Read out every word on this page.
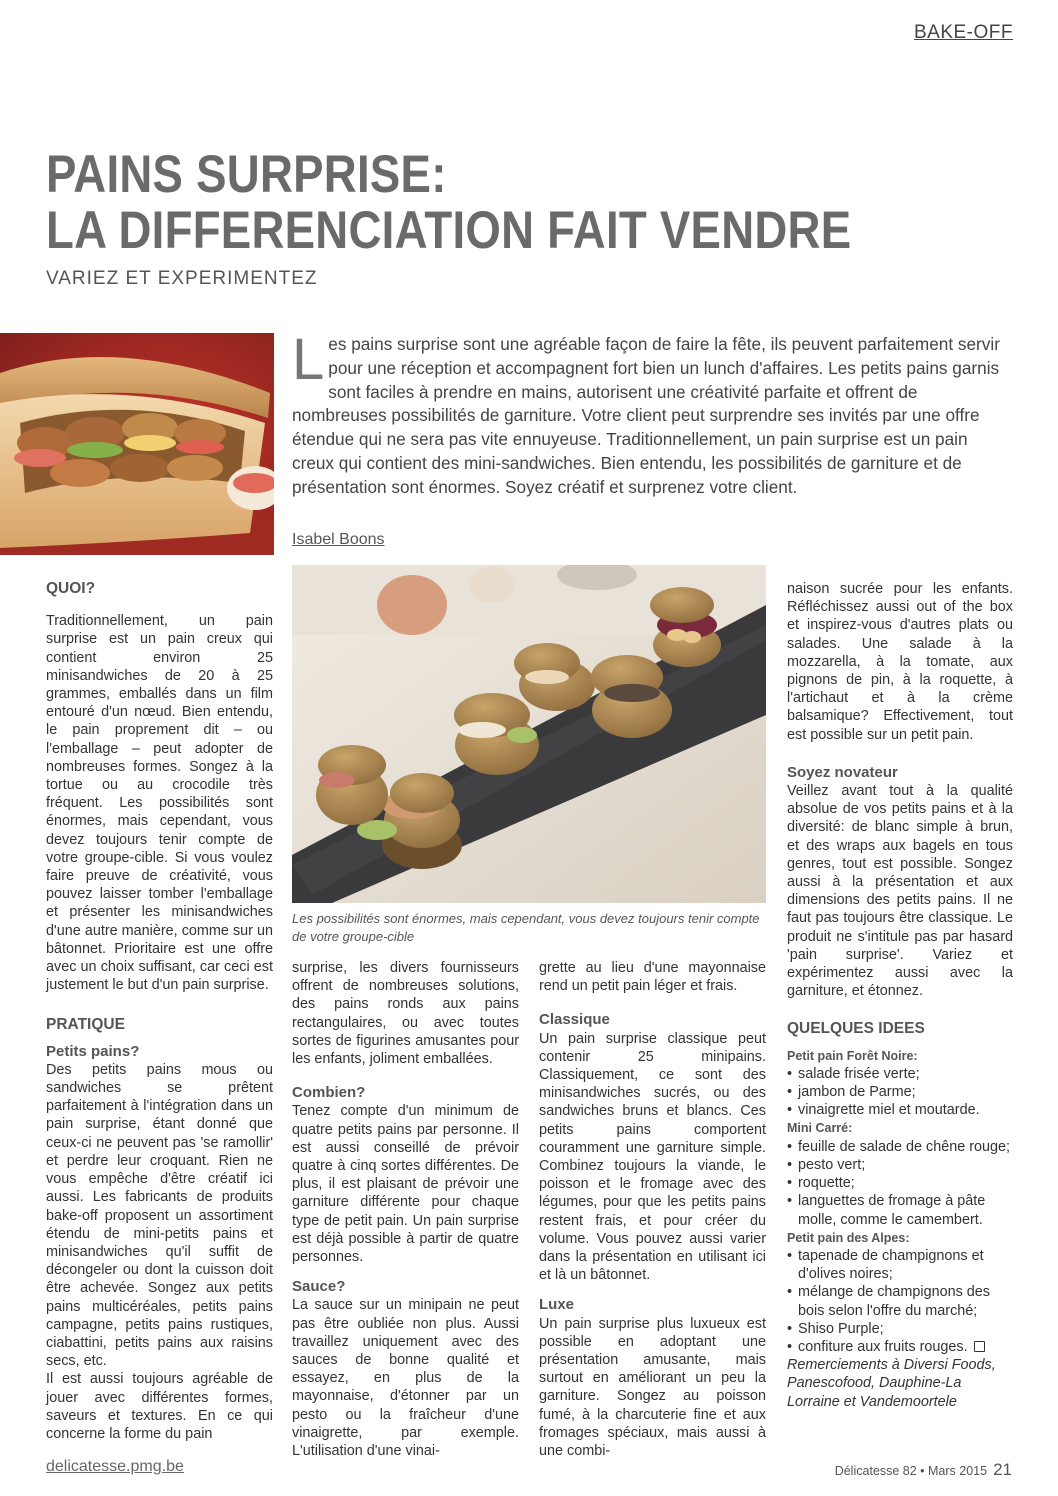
BAKE-OFF
PAINS SURPRISE:
LA DIFFERENCIATION FAIT VENDRE
VARIEZ ET EXPERIMENTEZ
Les pains surprise sont une agréable façon de faire la fête, ils peuvent parfaitement servir pour une réception et accompagnent fort bien un lunch d'affaires. Les petits pains garnis sont faciles à prendre en mains, autorisent une créativité parfaite et offrent de nombreuses possibilités de garniture. Votre client peut surprendre ses invités par une offre étendue qui ne sera pas vite ennuyeuse. Traditionnellement, un pain surprise est un pain creux qui contient des mini-sandwiches. Bien entendu, les possibilités de garniture et de présentation sont énormes. Soyez créatif et surprenez votre client.
Isabel Boons
Les possibilités sont énormes, mais cependant, vous devez toujours tenir compte de votre groupe-cible
QUOI?

Traditionnellement, un pain surprise est un pain creux qui contient environ 25 minisandwiches de 20 à 25 grammes, emballés dans un film entouré d'un nœud. Bien entendu, le pain proprement dit – ou l'emballage – peut adopter de nombreuses formes. Songez à la tortue ou au crocodile très fréquent. Les possibilités sont énormes, mais cependant, vous devez toujours tenir compte de votre groupe-cible. Si vous voulez faire preuve de créativité, vous pouvez laisser tomber l'emballage et présenter les minisandwiches d'une autre manière, comme sur un bâtonnet. Prioritaire est une offre avec un choix suffisant, car ceci est justement le but d'un pain surprise.

PRATIQUE
Petits pains?

Des petits pains mous ou sandwiches se prêtent parfaitement à l'intégration dans un pain surprise, étant donné que ceux-ci ne peuvent pas 'se ramollir' et perdre leur croquant. Rien ne vous empêche d'être créatif ici aussi. Les fabricants de produits bake-off proposent un assortiment étendu de mini-petits pains et minisandwiches qu'il suffit de décongeler ou dont la cuisson doit être achevée. Songez aux petits pains multicéréales, petits pains campagne, petits pains rustiques, ciabattini, petits pains aux raisins secs, etc.

Il est aussi toujours agréable de jouer avec différentes formes, saveurs et textures. En ce qui concerne la forme du pain

surprise, les divers fournisseurs offrent de nombreuses solutions, des pains ronds aux pains rectangulaires, ou avec toutes sortes de figurines amusantes pour les enfants, joliment emballées.

Combien?

Tenez compte d'un minimum de quatre petits pains par personne. Il est aussi conseillé de prévoir quatre à cinq sortes différentes. De plus, il est plaisant de prévoir une garniture différente pour chaque type de petit pain. Un pain surprise est déjà possible à partir de quatre personnes.

Sauce?

La sauce sur un minipain ne peut pas être oubliée non plus. Aussi travaillez uniquement avec des sauces de bonne qualité et essayez, en plus de la mayonnaise, d'étonner par un pesto ou la fraîcheur d'une vinaigrette, par exemple. L'utilisation d'une vinai-

grette au lieu d'une mayonnaise rend un petit pain léger et frais.

Classique

Un pain surprise classique peut contenir 25 minipains. Classiquement, ce sont des minisandwiches sucrés, ou des sandwiches bruns et blancs. Ces petits pains comportent couramment une garniture simple. Combinez toujours la viande, le poisson et le fromage avec des légumes, pour que les petits pains restent frais, et pour créer du volume. Vous pouvez aussi varier dans la présentation en utilisant ici et là un bâtonnet.

Luxe

Un pain surprise plus luxueux est possible en adoptant une présentation amusante, mais surtout en améliorant un peu la garniture. Songez au poisson fumé, à la charcuterie fine et aux fromages spéciaux, mais aussi à une combi-

naison sucrée pour les enfants. Réfléchissez aussi out of the box et inspirez-vous d'autres plats ou salades. Une salade à la mozzarella, à la tomate, aux pignons de pin, à la roquette, à l'artichaut et à la crème balsamique? Effectivement, tout est possible sur un petit pain.

Soyez novateur

Veillez avant tout à la qualité absolue de vos petits pains et à la diversité: de blanc simple à brun, et des wraps aux bagels en tous genres, tout est possible. Songez aussi à la présentation et aux dimensions des petits pains. Il ne faut pas toujours être classique. Le produit ne s'intitule pas par hasard 'pain surprise'. Variez et expérimentez aussi avec la garniture, et étonnez.

QUELQUES IDEES
Petit pain Forêt Noire:
• salade frisée verte;
• jambon de Parme;
• vinaigrette miel et moutarde.
Mini Carré:
• feuille de salade de chêne rouge;
• pesto vert;
• roquette;
• languettes de fromage à pâte molle, comme le camembert.
Petit pain des Alpes:
• tapenade de champignons et d'olives noires;
• mélange de champignons des bois selon l'offre du marché;
• Shiso Purple;
• confiture aux fruits rouges.

Remerciements à Diversi Foods, Panescofood, Dauphine-La Lorraine et Vandemoortele

delicatesse.pmg.be	Délicatesse 82 • Mars 2015 21
